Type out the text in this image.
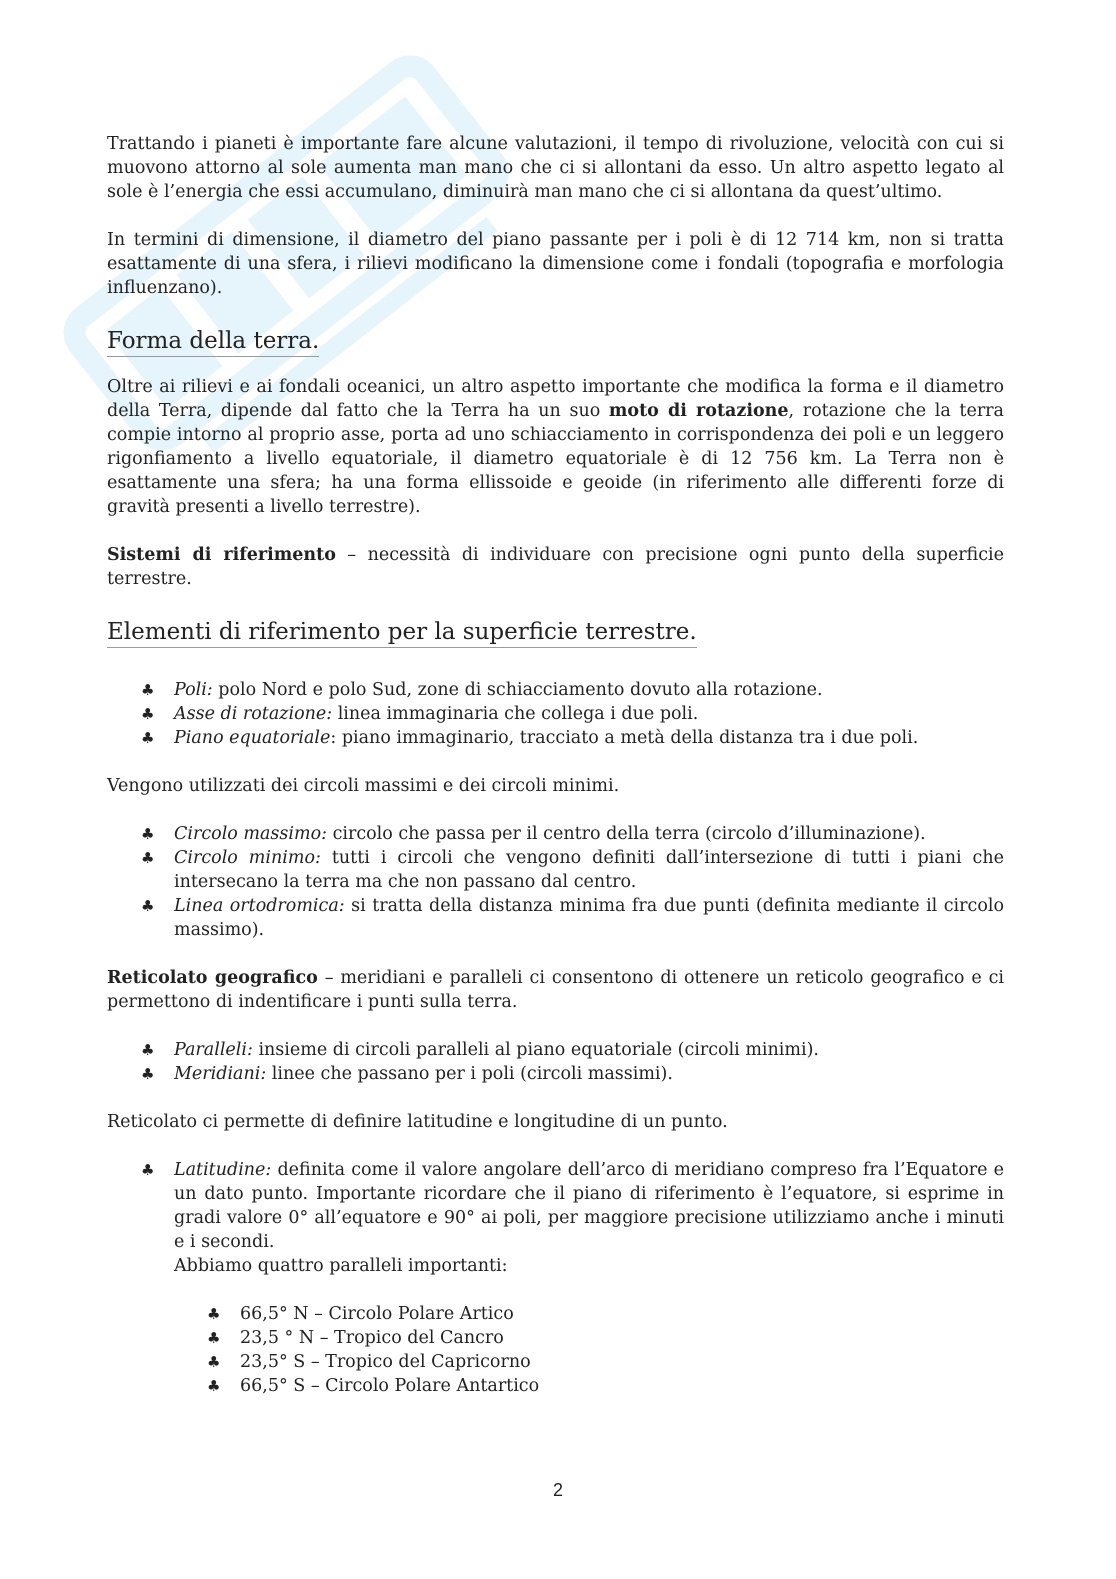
Trattando i pianeti è importante fare alcune valutazioni, il tempo di rivoluzione, velocità con cui si muovono attorno al sole aumenta man mano che ci si allontani da esso. Un altro aspetto legato al sole è l’energia che essi accumulano, diminuirà man mano che ci si allontana da quest’ultimo.

In termini di dimensione, il diametro del piano passante per i poli è di 12 714 km, non si tratta esattamente di una sfera, i rilievi modificano la dimensione come i fondali (topografia e morfologia influenzano).

Forma della terra.

Oltre ai rilievi e ai fondali oceanici, un altro aspetto importante che modifica la forma e il diametro della Terra, dipende dal fatto che la Terra ha un suo moto di rotazione, rotazione che la terra compie intorno al proprio asse, porta ad uno schiacciamento in corrispondenza dei poli e un leggero rigonfiamento a livello equatoriale, il diametro equatoriale è di 12 756 km. La Terra non è esattamente una sfera; ha una forma ellissoide e geoide (in riferimento alle differenti forze di gravità presenti a livello terrestre).

Sistemi di riferimento – necessità di individuare con precisione ogni punto della superficie terrestre.

Elementi di riferimento per la superficie terrestre.
♣ Poli: polo Nord e polo Sud, zone di schiacciamento dovuto alla rotazione.
♣ Asse di rotazione: linea immaginaria che collega i due poli.
♣ Piano equatoriale: piano immaginario, tracciato a metà della distanza tra i due poli.

Vengono utilizzati dei circoli massimi e dei circoli minimi.

♣ Circolo massimo: circolo che passa per il centro della terra (circolo d’illuminazione).
♣ Circolo minimo: tutti i circoli che vengono definiti dall’intersezione di tutti i piani che intersecano la terra ma che non passano dal centro.
♣ Linea ortodromica: si tratta della distanza minima fra due punti (definita mediante il circolo massimo).

Reticolato geografico – meridiani e paralleli ci consentono di ottenere un reticolo geografico e ci permettono di indentificare i punti sulla terra.

♣ Paralleli: insieme di circoli paralleli al piano equatoriale (circoli minimi).
♣ Meridiani: linee che passano per i poli (circoli massimi).

Reticolato ci permette di definire latitudine e longitudine di un punto.

♣ Latitudine: definita come il valore angolare dell’arco di meridiano compreso fra l’Equatore e un dato punto. Importante ricordare che il piano di riferimento è l’equatore, si esprime in gradi valore 0° all’equatore e 90° ai poli, per maggiore precisione utilizziamo anche i minuti e i secondi.
Abbiamo quattro paralleli importanti:
♣ 66,5° N – Circolo Polare Artico
♣ 23,5 ° N – Tropico del Cancro
♣ 23,5° S – Tropico del Capricorno
♣ 66,5° S – Circolo Polare Antartico
2
